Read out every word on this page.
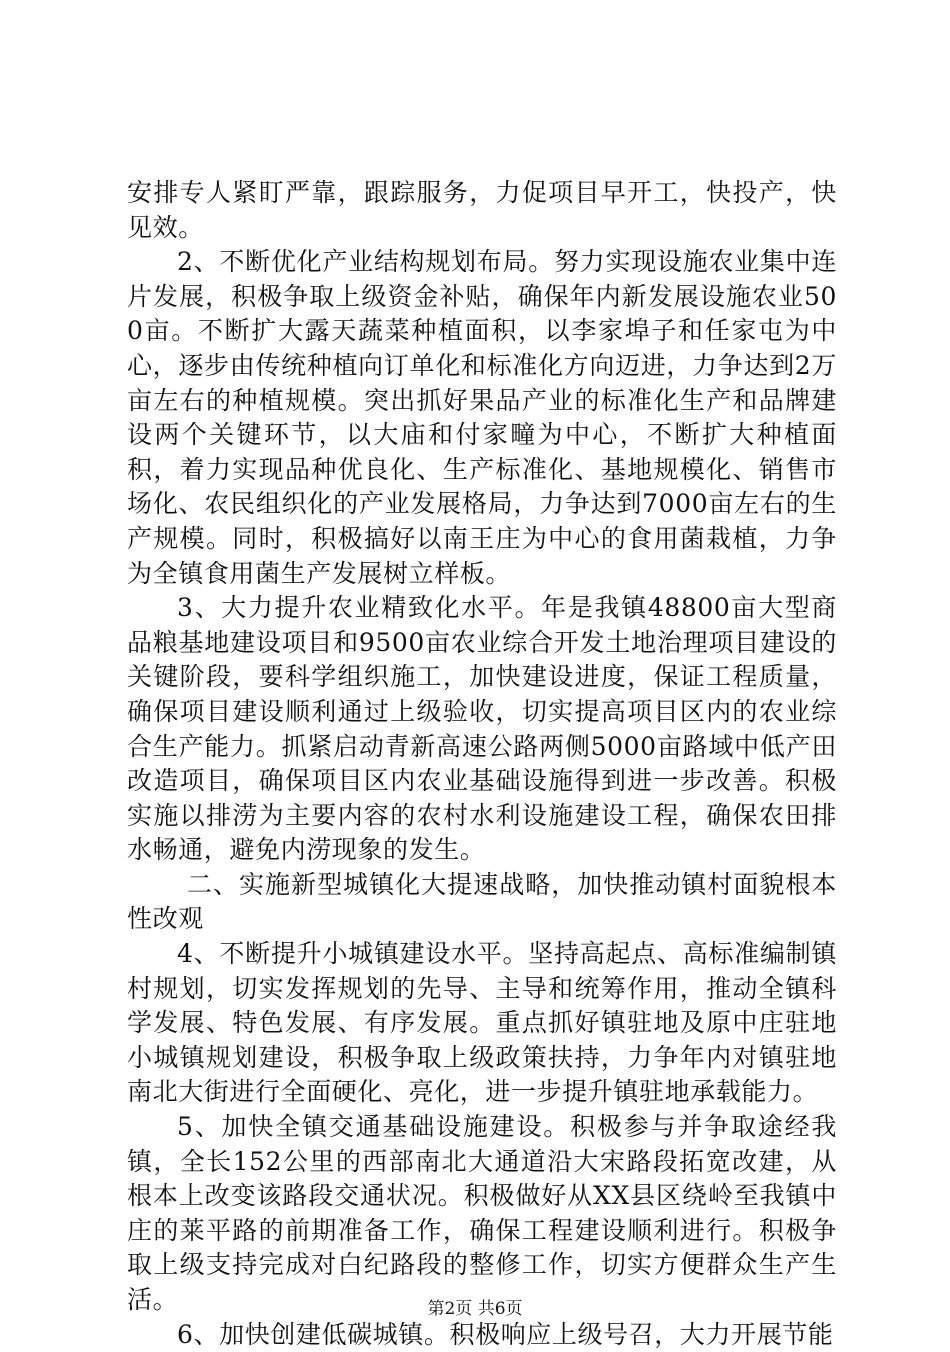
安排专人紧盯严靠，跟踪服务，力促项目早开工，快投产，快见效。

2、不断优化产业结构规划布局。努力实现设施农业集中连片发展，积极争取上级资金补贴，确保年内新发展设施农业500亩。不断扩大露天蔬菜种植面积，以李家埠子和任家屯为中心，逐步由传统种植向订单化和标准化方向迈进，力争达到2万亩左右的种植规模。突出抓好果品产业的标准化生产和品牌建设两个关键环节，以大庙和付家疃为中心，不断扩大种植面积，着力实现品种优良化、生产标准化、基地规模化、销售市场化、农民组织化的产业发展格局，力争达到7000亩左右的生产规模。同时，积极搞好以南王庄为中心的食用菌栽植，力争为全镇食用菌生产发展树立样板。

3、大力提升农业精致化水平。年是我镇48800亩大型商品粮基地建设项目和9500亩农业综合开发土地治理项目建设的关键阶段，要科学组织施工，加快建设进度，保证工程质量，确保项目建设顺利通过上级验收，切实提高项目区内的农业综合生产能力。抓紧启动青新高速公路两侧5000亩路域中低产田改造项目，确保项目区内农业基础设施得到进一步改善。积极实施以排涝为主要内容的农村水利设施建设工程，确保农田排水畅通，避免内涝现象的发生。

二、实施新型城镇化大提速战略，加快推动镇村面貌根本性改观

4、不断提升小城镇建设水平。坚持高起点、高标准编制镇村规划，切实发挥规划的先导、主导和统筹作用，推动全镇科学发展、特色发展、有序发展。重点抓好镇驻地及原中庄驻地小城镇规划建设，积极争取上级政策扶持，力争年内对镇驻地南北大街进行全面硬化、亮化，进一步提升镇驻地承载能力。

5、加快全镇交通基础设施建设。积极参与并争取途经我镇，全长152公里的西部南北大通道沿大宋路段拓宽改建，从根本上改变该路段交通状况。积极做好从XX县区绕岭至我镇中庄的莱平路的前期准备工作，确保工程建设顺利进行。积极争取上级支持完成对白纪路段的整修工作，切实方便群众生产生活。

6、加快创建低碳城镇。积极响应上级号召，大力开展节能

第2页 共6页
